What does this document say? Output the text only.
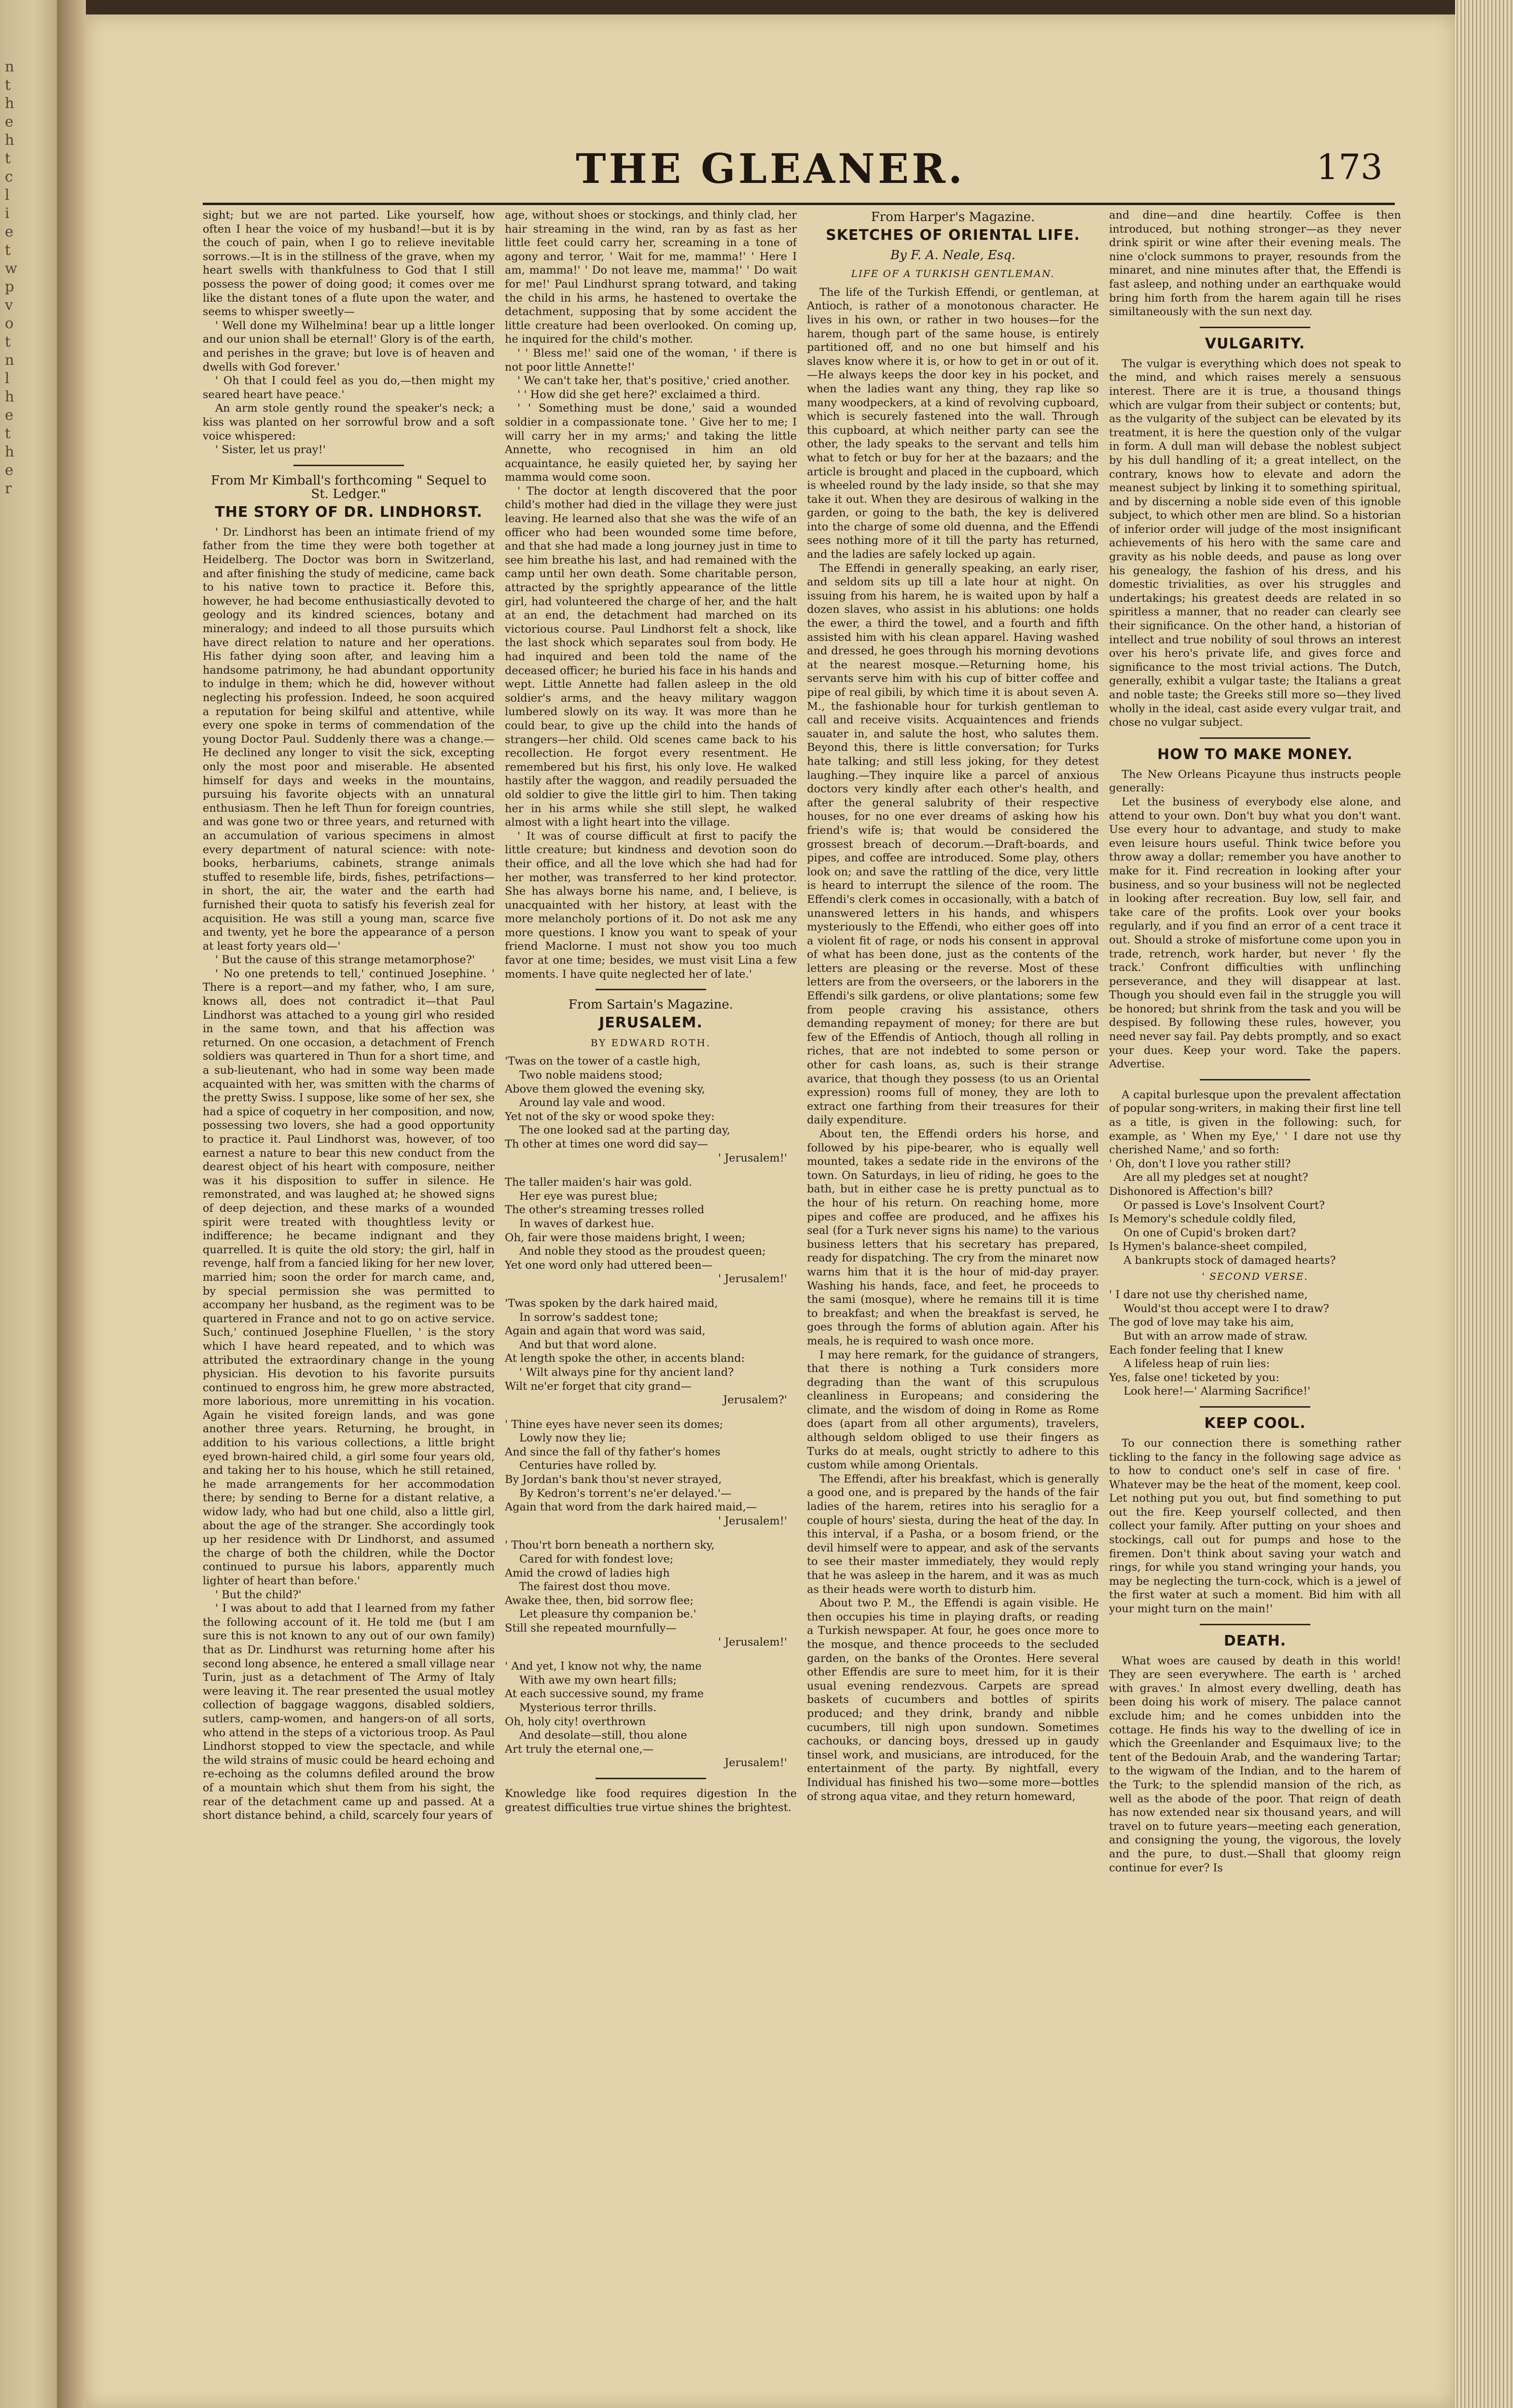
n
t
h
e
h
t
c
l
i
e
t
w
p
v
o
t
n
l
h
e
t
h
e
r
THE GLEANER.	173

sight; but we are not parted. Like yourself, how often I hear the voice of my husband!—but it is by the couch of pain, when I go to relieve inevitable sorrows.—It is in the stillness of the grave, when my heart swells with thankfulness to God that I still possess the power of doing good; it comes over me like the distant tones of a flute upon the water, and seems to whisper sweetly—

' Well done my Wilhelmina! bear up a little longer and our union shall be eternal!' Glory is of the earth, and perishes in the grave; but love is of heaven and dwells with God forever.'

' Oh that I could feel as you do,—then might my seared heart have peace.'

An arm stole gently round the speaker's neck; a kiss was planted on her sorrowful brow and a soft voice whispered:

' Sister, let us pray!'

From Mr Kimball's forthcoming " Sequel to St. Ledger."

THE STORY OF DR. LINDHORST.

' Dr. Lindhorst has been an intimate friend of my father from the time they were both together at Heidelberg. The Doctor was born in Switzerland, and after finishing the study of medicine, came back to his native town to practice it. Before this, however, he had become enthusiastically devoted to geology and its kindred sciences, botany and mineralogy; and indeed to all those pursuits which have direct relation to nature and her operations. His father dying soon after, and leaving him a handsome patrimony, he had abundant opportunity to indulge in them; which he did, however without neglecting his profession. Indeed, he soon acquired a reputation for being skilful and attentive, while every one spoke in terms of commendation of the young Doctor Paul. Suddenly there was a change.—He declined any longer to visit the sick, excepting only the most poor and miserable. He absented himself for days and weeks in the mountains, pursuing his favorite objects with an unnatural enthusiasm. Then he left Thun for foreign countries, and was gone two or three years, and returned with an accumulation of various specimens in almost every department of natural science: with note-books, herbariums, cabinets, strange animals stuffed to resemble life, birds, fishes, petrifactions—in short, the air, the water and the earth had furnished their quota to satisfy his feverish zeal for acquisition. He was still a young man, scarce five and twenty, yet he bore the appearance of a person at least forty years old—'

' But the cause of this strange metamorphose?'

' No one pretends to tell,' continued Josephine. ' There is a report—and my father, who, I am sure, knows all, does not contradict it—that Paul Lindhorst was attached to a young girl who resided in the same town, and that his affection was returned. On one occasion, a detachment of French soldiers was quartered in Thun for a short time, and a sub-lieutenant, who had in some way been made acquainted with her, was smitten with the charms of the pretty Swiss. I suppose, like some of her sex, she had a spice of coquetry in her composition, and now, possessing two lovers, she had a good opportunity to practice it. Paul Lindhorst was, however, of too earnest a nature to bear this new conduct from the dearest object of his heart with composure, neither was it his disposition to suffer in silence. He remonstrated, and was laughed at; he showed signs of deep dejection, and these marks of a wounded spirit were treated with thoughtless levity or indifference; he became indignant and they quarrelled. It is quite the old story; the girl, half in revenge, half from a fancied liking for her new lover, married him; soon the order for march came, and, by special permission she was permitted to accompany her husband, as the regiment was to be quartered in France and not to go on active service. Such,' continued Josephine Fluellen, ' is the story which I have heard repeated, and to which was attributed the extraordinary change in the young physician. His devotion to his favorite pursuits continued to engross him, he grew more abstracted, more laborious, more unremitting in his vocation. Again he visited foreign lands, and was gone another three years. Returning, he brought, in addition to his various collections, a little bright eyed brown-haired child, a girl some four years old, and taking her to his house, which he still retained, he made arrangements for her accommodation there; by sending to Berne for a distant relative, a widow lady, who had but one child, also a little girl, about the age of the stranger. She accordingly took up her residence with Dr Lindhorst, and assumed the charge of both the children, while the Doctor continued to pursue his labors, apparently much lighter of heart than before.'

' But the child?'

' I was about to add that I learned from my father the following account of it. He told me (but I am sure this is not known to any out of our own family) that as Dr. Lindhurst was returning home after his second long absence, he entered a small village near Turin, just as a detachment of The Army of Italy were leaving it. The rear presented the usual motley collection of baggage waggons, disabled soldiers, sutlers, camp-women, and hangers-on of all sorts, who attend in the steps of a victorious troop. As Paul Lindhorst stopped to view the spectacle, and while the wild strains of music could be heard echoing and re-echoing as the columns defiled around the brow of a mountain which shut them from his sight, the rear of the detachment came up and passed. At a short distance behind, a child, scarcely four years of

age, without shoes or stockings, and thinly clad, her hair streaming in the wind, ran by as fast as her little feet could carry her, screaming in a tone of agony and terror, ' Wait for me, mamma!' ' Here I am, mamma!' ' Do not leave me, mamma!' ' Do wait for me!' Paul Lindhurst sprang totward, and taking the child in his arms, he hastened to overtake the detachment, supposing that by some accident the little creature had been overlooked. On coming up, he inquired for the child's mother.

' ' Bless me!' said one of the woman, ' if there is not poor little Annette!'

' We can't take her, that's positive,' cried another.

' ' How did she get here?' exclaimed a third.

' ' Something must be done,' said a wounded soldier in a compassionate tone. ' Give her to me; I will carry her in my arms;' and taking the little Annette, who recognised in him an old acquaintance, he easily quieted her, by saying her mamma would come soon.

' The doctor at length discovered that the poor child's mother had died in the village they were just leaving. He learned also that she was the wife of an officer who had been wounded some time before, and that she had made a long journey just in time to see him breathe his last, and had remained with the camp until her own death. Some charitable person, attracted by the sprightly appearance of the little girl, had volunteered the charge of her, and the halt at an end, the detachment had marched on its victorious course. Paul Lindhorst felt a shock, like the last shock which separates soul from body. He had inquired and been told the name of the deceased officer; he buried his face in his hands and wept. Little Annette had fallen asleep in the old soldier's arms, and the heavy military waggon lumbered slowly on its way. It was more than he could bear, to give up the child into the hands of strangers—her child. Old scenes came back to his recollection. He forgot every resentment. He remembered but his first, his only love. He walked hastily after the waggon, and readily persuaded the old soldier to give the little girl to him. Then taking her in his arms while she still slept, he walked almost with a light heart into the village.

' It was of course difficult at first to pacify the little creature; but kindness and devotion soon do their office, and all the love which she had had for her mother, was transferred to her kind protector. She has always borne his name, and, I believe, is unacquainted with her history, at least with the more melancholy portions of it. Do not ask me any more questions. I know you want to speak of your friend Maclorne. I must not show you too much favor at one time; besides, we must visit Lina a few moments. I have quite neglected her of late.'

From Sartain's Magazine.

JERUSALEM.

BY EDWARD ROTH.

'Twas on the tower of a castle high,

Two noble maidens stood;

Above them glowed the evening sky,

Around lay vale and wood.

Yet not of the sky or wood spoke they:

The one looked sad at the parting day,

Th other at times one word did say—

' Jerusalem!'

The taller maiden's hair was gold.

Her eye was purest blue;

The other's streaming tresses rolled

In waves of darkest hue.

Oh, fair were those maidens bright, I ween;

And noble they stood as the proudest queen;

Yet one word only had uttered been—

' Jerusalem!'

'Twas spoken by the dark haired maid,

In sorrow's saddest tone;

Again and again that word was said,

And but that word alone.

At length spoke the other, in accents bland:

' Wilt always pine for thy ancient land?

Wilt ne'er forget that city grand—

Jerusalem?'

' Thine eyes have never seen its domes;

Lowly now they lie;

And since the fall of thy father's homes

Centuries have rolled by.

By Jordan's bank thou'st never strayed,

By Kedron's torrent's ne'er delayed.'—

Again that word from the dark haired maid,—

' Jerusalem!'

' Thou'rt born beneath a northern sky,

Cared for with fondest love;

Amid the crowd of ladies high

The fairest dost thou move.

Awake thee, then, bid sorrow flee;

Let pleasure thy companion be.'

Still she repeated mournfully—

' Jerusalem!'

' And yet, I know not why, the name

With awe my own heart fills;

At each successive sound, my frame

Mysterious terror thrills.

Oh, holy city! overthrown

And desolate—still, thou alone

Art truly the eternal one,—

Jerusalem!'

Knowledge like food requires digestion In the greatest difficulties true virtue shines the brightest.

From Harper's Magazine.

SKETCHES OF ORIENTAL LIFE.

By F. A. Neale, Esq.

LIFE OF A TURKISH GENTLEMAN.

The life of the Turkish Effendi, or gentleman, at Antioch, is rather of a monotonous character. He lives in his own, or rather in two houses—for the harem, though part of the same house, is entirely partitioned off, and no one but himself and his slaves know where it is, or how to get in or out of it.—He always keeps the door key in his pocket, and when the ladies want any thing, they rap like so many woodpeckers, at a kind of revolving cupboard, which is securely fastened into the wall. Through this cupboard, at which neither party can see the other, the lady speaks to the servant and tells him what to fetch or buy for her at the bazaars; and the article is brought and placed in the cupboard, which is wheeled round by the lady inside, so that she may take it out. When they are desirous of walking in the garden, or going to the bath, the key is delivered into the charge of some old duenna, and the Effendi sees nothing more of it till the party has returned, and the ladies are safely locked up again.

The Effendi in generally speaking, an early riser, and seldom sits up till a late hour at night. On issuing from his harem, he is waited upon by half a dozen slaves, who assist in his ablutions: one holds the ewer, a third the towel, and a fourth and fifth assisted him with his clean apparel. Having washed and dressed, he goes through his morning devotions at the nearest mosque.—Returning home, his servants serve him with his cup of bitter coffee and pipe of real gibili, by which time it is about seven A. M., the fashionable hour for turkish gentleman to call and receive visits. Acquaintences and friends sauater in, and salute the host, who salutes them. Beyond this, there is little conversation; for Turks hate talking; and still less joking, for they detest laughing.—They inquire like a parcel of anxious doctors very kindly after each other's health, and after the general salubrity of their respective houses, for no one ever dreams of asking how his friend's wife is; that would be considered the grossest breach of decorum.—Draft-boards, and pipes, and coffee are introduced. Some play, others look on; and save the rattling of the dice, very little is heard to interrupt the silence of the room. The Effendi's clerk comes in occasionally, with a batch of unanswered letters in his hands, and whispers mysteriously to the Effendi, who either goes off into a violent fit of rage, or nods his consent in approval of what has been done, just as the contents of the letters are pleasing or the reverse. Most of these letters are from the overseers, or the laborers in the Effendi's silk gardens, or olive plantations; some few from people craving his assistance, others demanding repayment of money; for there are but few of the Effendis of Antioch, though all rolling in riches, that are not indebted to some person or other for cash loans, as, such is their strange avarice, that though they possess (to us an Oriental expression) rooms full of money, they are loth to extract one farthing from their treasures for their daily expenditure.

About ten, the Effendi orders his horse, and followed by his pipe-bearer, who is equally well mounted, takes a sedate ride in the environs of the town. On Saturdays, in lieu of riding, he goes to the bath, but in either case he is pretty punctual as to the hour of his return. On reaching home, more pipes and coffee are produced, and he affixes his seal (for a Turk never signs his name) to the various business letters that his secretary has prepared, ready for dispatching. The cry from the minaret now warns him that it is the hour of mid-day prayer. Washing his hands, face, and feet, he proceeds to the sami (mosque), where he remains till it is time to breakfast; and when the breakfast is served, he goes through the forms of ablution again. After his meals, he is required to wash once more.

I may here remark, for the guidance of strangers, that there is nothing a Turk considers more degrading than the want of this scrupulous cleanliness in Europeans; and considering the climate, and the wisdom of doing in Rome as Rome does (apart from all other arguments), travelers, although seldom obliged to use their fingers as Turks do at meals, ought strictly to adhere to this custom while among Orientals.

The Effendi, after his breakfast, which is generally a good one, and is prepared by the hands of the fair ladies of the harem, retires into his seraglio for a couple of hours' siesta, during the heat of the day. In this interval, if a Pasha, or a bosom friend, or the devil himself were to appear, and ask of the servants to see their master immediately, they would reply that he was asleep in the harem, and it was as much as their heads were worth to disturb him.

About two P. M., the Effendi is again visible. He then occupies his time in playing drafts, or reading a Turkish newspaper. At four, he goes once more to the mosque, and thence proceeds to the secluded garden, on the banks of the Orontes. Here several other Effendis are sure to meet him, for it is their usual evening rendezvous. Carpets are spread baskets of cucumbers and bottles of spirits produced; and they drink, brandy and nibble cucumbers, till nigh upon sundown. Sometimes cachouks, or dancing boys, dressed up in gaudy tinsel work, and musicians, are introduced, for the entertainment of the party. By nightfall, every Individual has finished his two—some more—bottles of strong aqua vitae, and they return homeward,

and dine—and dine heartily. Coffee is then introduced, but nothing stronger—as they never drink spirit or wine after their evening meals. The nine o'clock summons to prayer, resounds from the minaret, and nine minutes after that, the Effendi is fast asleep, and nothing under an earthquake would bring him forth from the harem again till he rises similtaneously with the sun next day.

VULGARITY.

The vulgar is everything which does not speak to the mind, and which raises merely a sensuous interest. There are it is true, a thousand things which are vulgar from their subject or contents; but, as the vulgarity of the subject can be elevated by its treatment, it is here the question only of the vulgar in form. A dull man will debase the noblest subject by his dull handling of it; a great intellect, on the contrary, knows how to elevate and adorn the meanest subject by linking it to something spiritual, and by discerning a noble side even of this ignoble subject, to which other men are blind. So a historian of inferior order will judge of the most insignificant achievements of his hero with the same care and gravity as his noble deeds, and pause as long over his genealogy, the fashion of his dress, and his domestic trivialities, as over his struggles and undertakings; his greatest deeds are related in so spiritless a manner, that no reader can clearly see their significance. On the other hand, a historian of intellect and true nobility of soul throws an interest over his hero's private life, and gives force and significance to the most trivial actions. The Dutch, generally, exhibit a vulgar taste; the Italians a great and noble taste; the Greeks still more so—they lived wholly in the ideal, cast aside every vulgar trait, and chose no vulgar subject.

HOW TO MAKE MONEY.

The New Orleans Picayune thus instructs people generally:

Let the business of everybody else alone, and attend to your own. Don't buy what you don't want. Use every hour to advantage, and study to make even leisure hours useful. Think twice before you throw away a dollar; remember you have another to make for it. Find recreation in looking after your business, and so your business will not be neglected in looking after recreation. Buy low, sell fair, and take care of the profits. Look over your books regularly, and if you find an error of a cent trace it out. Should a stroke of misfortune come upon you in trade, retrench, work harder, but never ' fly the track.' Confront difficulties with unflinching perseverance, and they will disappear at last. Though you should even fail in the struggle you will be honored; but shrink from the task and you will be despised. By following these rules, however, you need never say fail. Pay debts promptly, and so exact your dues. Keep your word. Take the papers. Advertise.

A capital burlesque upon the prevalent affectation of popular song-writers, in making their first line tell as a title, is given in the following: such, for example, as ' When my Eye,' ' I dare not use thy cherished Name,' and so forth:

' Oh, don't I love you rather still?

Are all my pledges set at nought?

Dishonored is Affection's bill?

Or passed is Love's Insolvent Court?

Is Memory's schedule coldly filed,

On one of Cupid's broken dart?

Is Hymen's balance-sheet compiled,

A bankrupts stock of damaged hearts?

' SECOND VERSE.

' I dare not use thy cherished name,

Would'st thou accept were I to draw?

The god of love may take his aim,

But with an arrow made of straw.

Each fonder feeling that I knew

A lifeless heap of ruin lies:

Yes, false one! ticketed by you:

Look here!—' Alarming Sacrifice!'

KEEP COOL.

To our connection there is something rather tickling to the fancy in the following sage advice as to how to conduct one's self in case of fire. ' Whatever may be the heat of the moment, keep cool. Let nothing put you out, but find something to put out the fire. Keep yourself collected, and then collect your family. After putting on your shoes and stockings, call out for pumps and hose to the firemen. Don't think about saving your watch and rings, for while you stand wringing your hands, you may be neglecting the turn-cock, which is a jewel of the first water at such a moment. Bid him with all your might turn on the main!'

DEATH.

What woes are caused by death in this world! They are seen everywhere. The earth is ' arched with graves.' In almost every dwelling, death has been doing his work of misery. The palace cannot exclude him; and he comes unbidden into the cottage. He finds his way to the dwelling of ice in which the Greenlander and Esquimaux live; to the tent of the Bedouin Arab, and the wandering Tartar; to the wigwam of the Indian, and to the harem of the Turk; to the splendid mansion of the rich, as well as the abode of the poor. That reign of death has now extended near six thousand years, and will travel on to future years—meeting each generation, and consigning the young, the vigorous, the lovely and the pure, to dust.—Shall that gloomy reign continue for ever? Is
